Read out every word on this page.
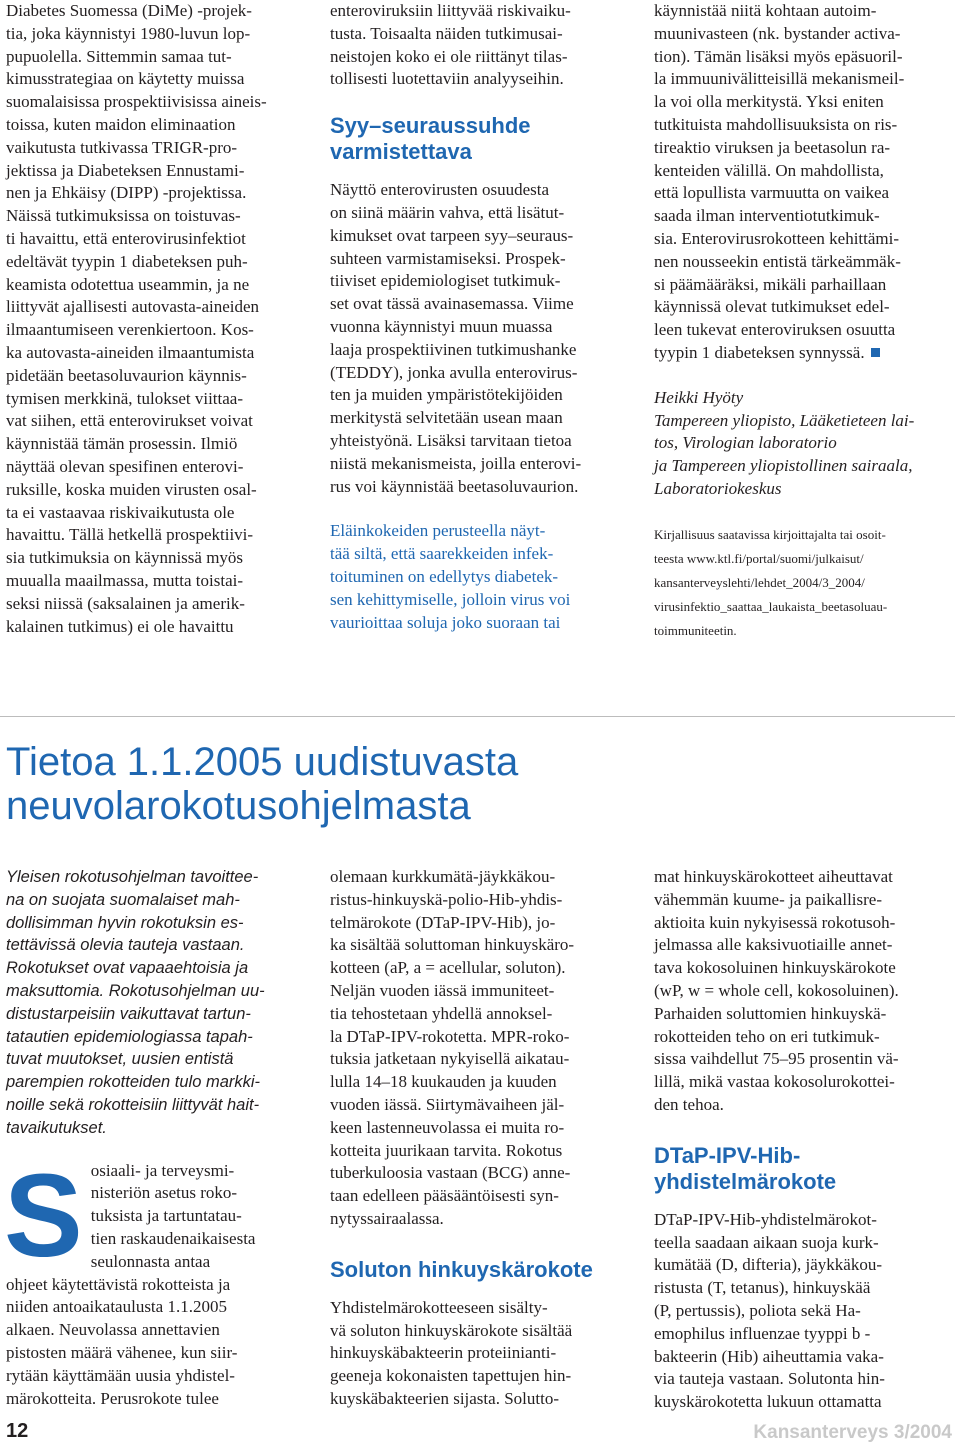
Diabetes Suomessa (DiMe) -projek-
tia, joka käynnistyi 1980-luvun lop-
pupuolella. Sittemmin samaa tut-
kimusstrategiaa on käytetty muissa
suomalaisissa prospektiivisissa aineis-
toissa, kuten maidon eliminaation
vaikutusta tutkivassa TRIGR-pro-
jektissa ja Diabeteksen Ennustami-
nen ja Ehkäisy (DIPP) -projektissa.
Näissä tutkimuksissa on toistuvas-
ti havaittu, että enterovirusinfektiot
edeltävät tyypin 1 diabeteksen puh-
keamista odotettua useammin, ja ne
liittyvät ajallisesti autovasta-aineiden
ilmaantumiseen verenkiertoon. Kos-
ka autovasta-aineiden ilmaantumista
pidetään beetasoluvaurion käynnis-
tymisen merkkinä, tulokset viittaa-
vat siihen, että enterovirukset voivat
käynnistää tämän prosessin. Ilmiö
näyttää olevan spesifinen enterovi-
ruksille, koska muiden virusten osal-
ta ei vastaavaa riskivaikutusta ole
havaittu. Tällä hetkellä prospektiivi-
sia tutkimuksia on käynnissä myös
muualla maailmassa, mutta toistai-
seksi niissä (saksalainen ja amerik-
kalainen tutkimus) ei ole havaittu
enteroviruksiin liittyvää riskivaiku-
tusta. Toisaalta näiden tutkimusai-
neistojen koko ei ole riittänyt tilas-
tollisesti luotettaviin analyyseihin.
Syy–seuraussuhde
varmistettava
Näyttö enterovirusten osuudesta
on siinä määrin vahva, että lisätut-
kimukset ovat tarpeen syy–seuraus-
suhteen varmistamiseksi. Prospek-
tiiviset epidemiologiset tutkimuk-
set ovat tässä avainasemassa. Viime
vuonna käynnistyi muun muassa
laaja prospektiivinen tutkimushanke
(TEDDY), jonka avulla enterovirus-
ten ja muiden ympäristötekijöiden
merkitystä selvitetään usean maan
yhteistyönä. Lisäksi tarvitaan tietoa
niistä mekanismeista, joilla enterovi-
rus voi käynnistää beetasoluvaurion.
Eläinkokeiden perusteella näyt-
tää siltä, että saarekkeiden infek-
toituminen on edellytys diabetek-
sen kehittymiselle, jolloin virus voi
vaurioittaa soluja joko suoraan tai
käynnistää niitä kohtaan autoim-
muunivasteen (nk. bystander activa-
tion). Tämän lisäksi myös epäsuoril-
la immuunivälitteisillä mekanismeil-
la voi olla merkitystä. Yksi eniten
tutkituista mahdollisuuksista on ris-
tireaktio viruksen ja beetasolun ra-
kenteiden välillä. On mahdollista,
että lopullista varmuutta on vaikea
saada ilman interventiotutkimuk-
sia. Enterovirusrokotteen kehittämi-
nen nousseekin entistä tärkeämmäk-
si päämääräksi, mikäli parhaillaan
käynnissä olevat tutkimukset edel-
leen tukevat enteroviruksen osuutta
tyypin 1 diabeteksen synnyssä.
Heikki Hyöty
Tampereen yliopisto, Lääketieteen lai-
tos, Virologian laboratorio
ja Tampereen yliopistollinen sairaala,
Laboratoriokeskus
Kirjallisuus saatavissa kirjoittajalta tai osoit-
teesta www.ktl.fi/portal/suomi/julkaisut/
kansanterveyslehti/lehdet_2004/3_2004/
virusinfektio_saattaa_laukaista_beetasoluau-
toimmuniteetin.
Tietoa 1.1.2005 uudistuvasta
neuvolarokotusohjelmasta
Yleisen rokotusohjelman tavoittee-
na on suojata suomalaiset mah-
dollisimman hyvin rokotuksin es-
tettävissä olevia tauteja vastaan.
Rokotukset ovat vapaaehtoisia ja
maksuttomia. Rokotusohjelman uu-
distustarpeisiin vaikuttavat tartun-
tatautien epidemiologiassa tapah-
tuvat muutokset, uusien entistä
parempien rokotteiden tulo markki-
noille sekä rokotteisiin liittyvät hait-
tavaikutukset.
S osiaali- ja terveysmi-
nisteriön asetus roko-
tuksista ja tartuntatau-
tien raskaudenaikaisesta
seulonnasta antaa
ohjeet käytettävistä rokotteista ja
niiden antoaikataulusta 1.1.2005
alkaen. Neuvolassa annettavien
pistosten määrä vähenee, kun siir-
rytään käyttämään uusia yhdistel-
märokotteita. Perusrokote tulee
olemaan kurkkumätä-jäykkäkou-
ristus-hinkuyskä-polio-Hib-yhdis-
telmärokote (DTaP-IPV-Hib), jo-
ka sisältää soluttoman hinkuyskäro-
kotteen (aP, a = acellular, soluton).
Neljän vuoden iässä immuniteet-
tia tehostetaan yhdellä annoksel-
la DTaP-IPV-rokotetta. MPR-roko-
tuksia jatketaan nykyisellä aikatau-
lulla 14–18 kuukauden ja kuuden
vuoden iässä. Siirtymävaiheen jäl-
keen lastenneuvolassa ei muita ro-
kotteita juurikaan tarvita. Rokotus
tuberkuloosia vastaan (BCG) anne-
taan edelleen pääsääntöisesti syn-
nytyssairaalassa.
Soluton hinkuyskärokote
Yhdistelmärokotteeseen sisälty-
vä soluton hinkuyskärokote sisältää
hinkuyskäbakteerin proteiinianti-
geeneja kokonaisten tapettujen hin-
kuyskäbakteerien sijasta. Solutto-
mat hinkuyskärokotteet aiheuttavat
vähemmän kuume- ja paikallisre-
aktioita kuin nykyisessä rokotusoh-
jelmassa alle kaksivuotiaille annet-
tava kokosoluinen hinkuyskärokote
(wP, w = whole cell, kokosoluinen).
Parhaiden soluttomien hinkuyskä-
rokotteiden teho on eri tutkimuk-
sissa vaihdellut 75–95 prosentin vä-
lillä, mikä vastaa kokosolurokottei-
den tehoa.
DTaP-IPV-Hib-
yhdistelmärokote
DTaP-IPV-Hib-yhdistelmärokot-
teella saadaan aikaan suoja kurk-
kumätää (D, difteria), jäykkäkou-
ristusta (T, tetanus), hinkuyskää
(P, pertussis), poliota sekä Ha-
emophilus influenzae tyyppi b -
bakteerin (Hib) aiheuttamia vaka-
via tauteja vastaan. Solutonta hin-
kuyskärokotetta lukuun ottamatta
12	Kansanterveys 3/2004
